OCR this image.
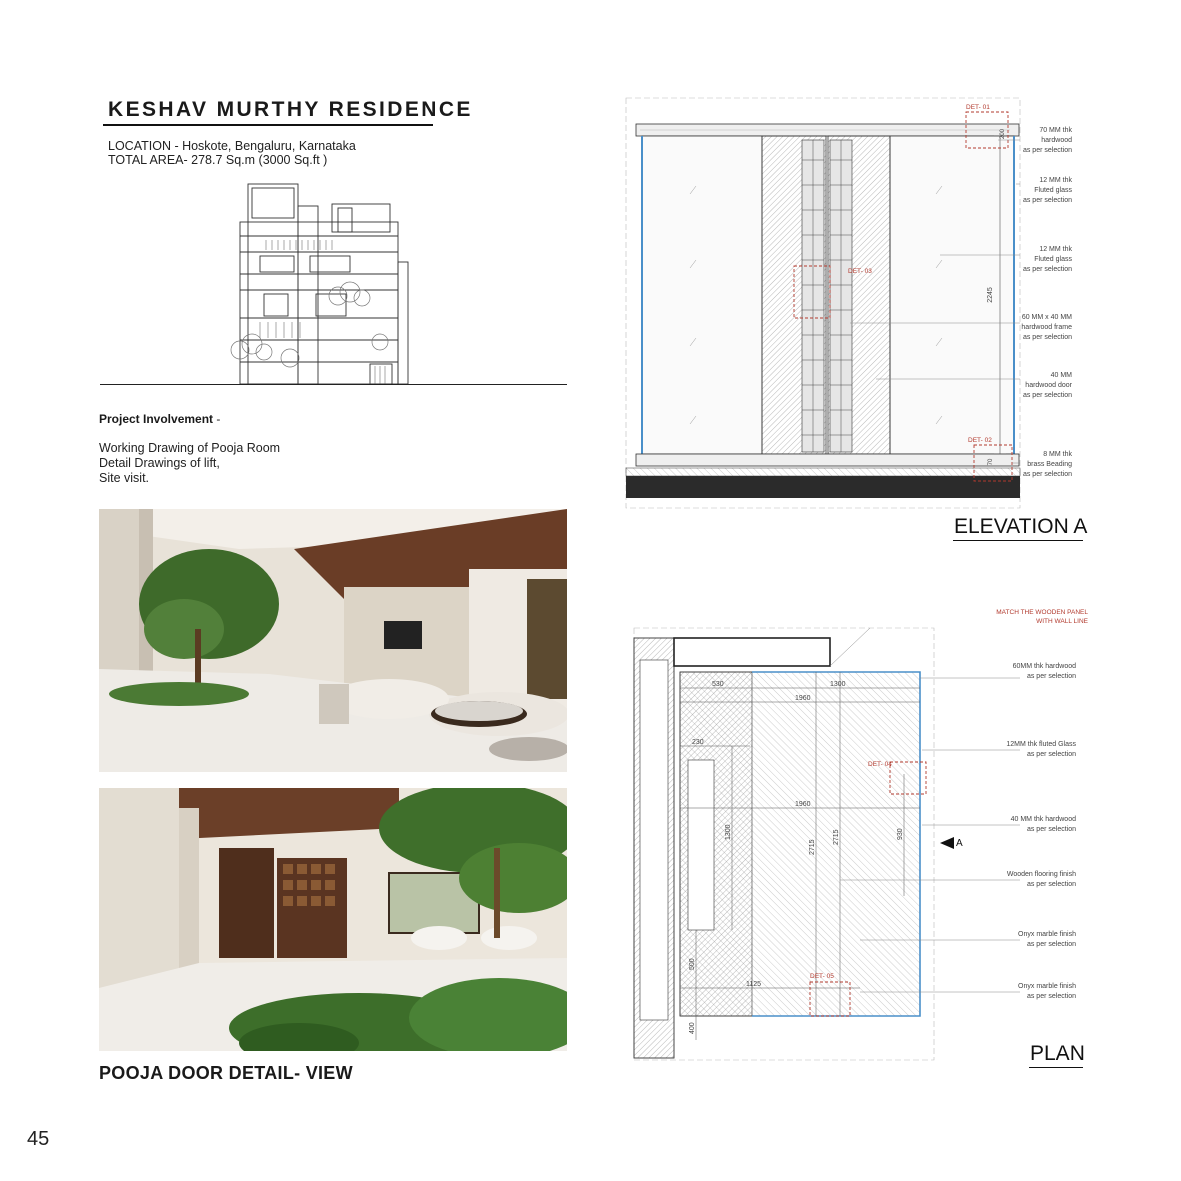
KESHAV MURTHY RESIDENCE
LOCATION - Hoskote, Bengaluru, Karnataka
TOTAL AREA- 278.7 Sq.m (3000 Sq.ft )
Project Involvement -
Working Drawing of Pooja Room
Detail Drawings of lift,
Site visit.
POOJA DOOR DETAIL- VIEW
2245
200
70
DET- 01
DET- 02
DET- 03
70 MM thk hardwood as per selection
12 MM thk Fluted glass as per selection
12 MM thk Fluted glass as per selection
60 MM x 40 MM hardwood frame as per selection
40 MM hardwood door as per selection
8 MM thk brass Beading as per selection
ELEVATION A
530	1300
1960
230
1960
1300
2715
2715	930
500
1125
400
DET- 04
DET- 05
A
MATCH THE WOODEN PANEL WITH WALL LINE
60MM thk hardwood as per selection
12MM thk fluted Glass as per selection
40 MM thk hardwood as per selection
Wooden flooring finish as per selection
Onyx marble finish as per selection
Onyx marble finish as per selection
PLAN
45
